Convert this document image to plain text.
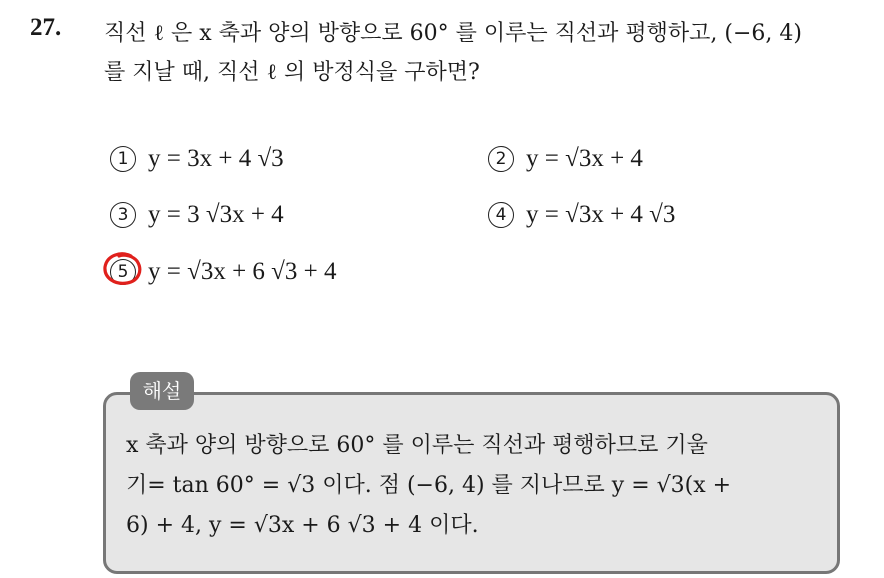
27. 직선 ℓ 은 x 축과 양의 방향으로 60° 를 이루는 직선과 평행하고, (−6, 4)
를 지날 때, 직선 ℓ 의 방정식을 구하면?
1 y = 3x + 4 √3	2 y = √3x + 4
3 y = 3 √3x + 4	4 y = √3x + 4 √3
5 y = √3x + 6 √3 + 4
해설
x 축과 양의 방향으로 60° 를 이루는 직선과 평행하므로 기울
기= tan 60° = √3 이다. 점 (−6, 4) 를 지나므로 y = √3(x +
6) + 4, y = √3x + 6 √3 + 4 이다.
